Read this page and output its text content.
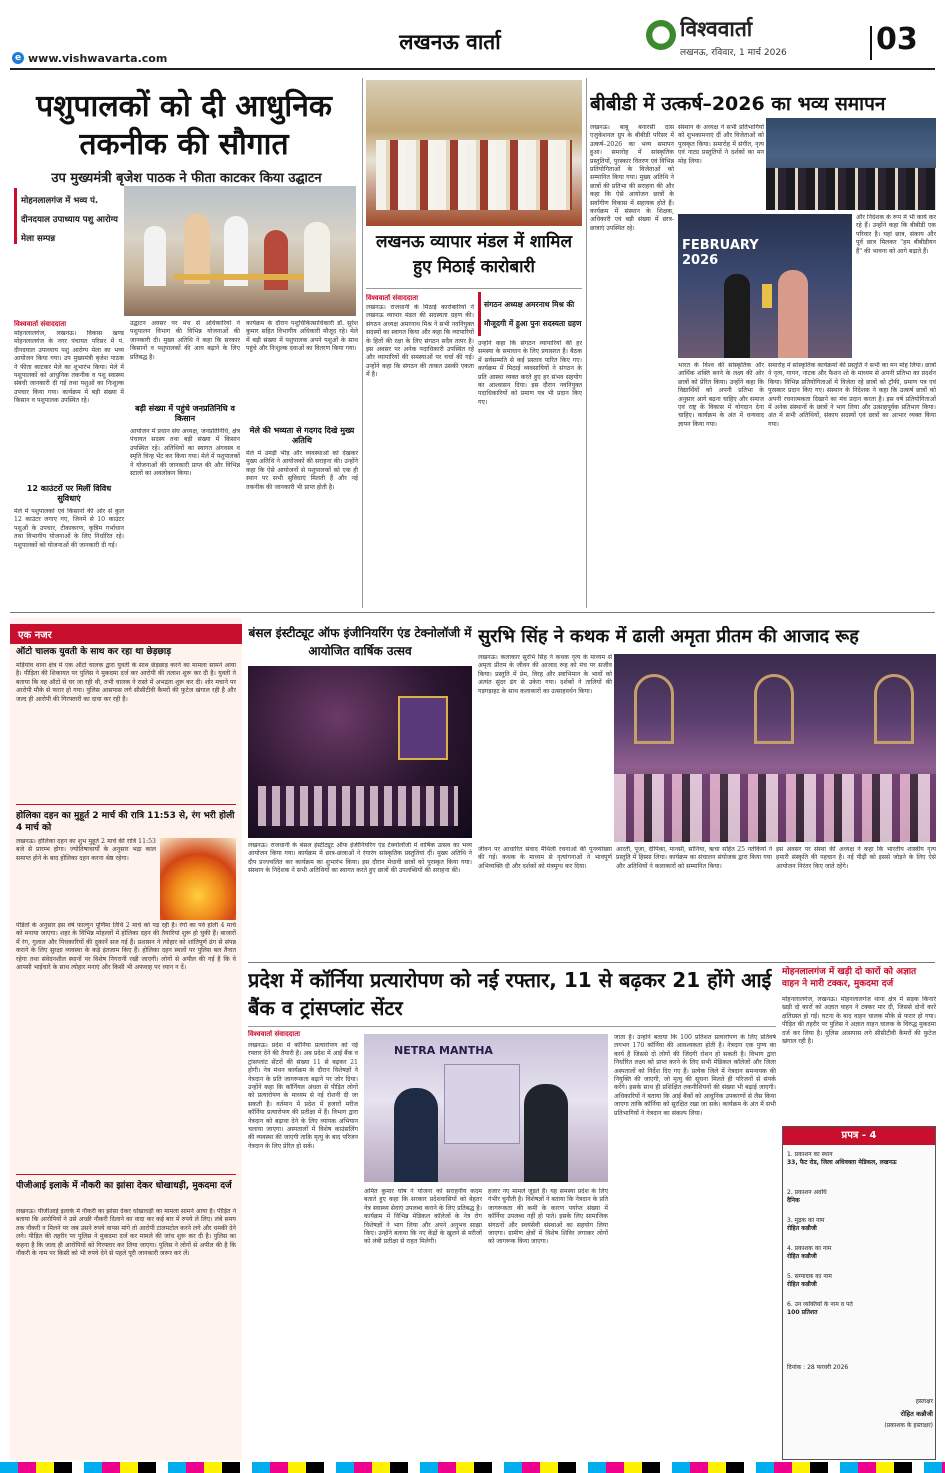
e www.vishwavarta.com
लखनऊ वार्ता
विश्ववार्ता
लखनऊ, रविवार, 1 मार्च 2026	03
पशुपालकों को दी आधुनिक तकनीक की सौगात
उप मुख्यमंत्री बृजेश पाठक ने फीता काटकर किया उद्घाटन
मोहनलालगंज में भव्य पं. दीनदयाल उपाध्याय पशु आरोग्य मेला सम्पन्न
विश्ववार्ता संवाददाता
मोहनलालगंज, लखनऊ। विकास खण्ड मोहनलालगंज के नगर पंचायत परिसर में पं. दीनदयाल उपाध्याय पशु आरोग्य मेला का भव्य आयोजन किया गया। उप मुख्यमंत्री बृजेश पाठक ने फीता काटकर मेले का शुभारंभ किया। मेले में पशुपालकों को आधुनिक तकनीक व पशु स्वास्थ्य संबंधी जानकारी दी गई तथा पशुओं का निःशुल्क उपचार किया गया। कार्यक्रम में बड़ी संख्या में किसान व पशुपालक उपस्थित रहे।
12 काउंटरों पर मिलीं विविध सुविधाएं
मेले में पशुपालकों एवं किसानों की ओर से कुल 12 काउंटर लगाए गए, जिनमें से 10 काउंटर पशुओं के उपचार, टीकाकरण, कृत्रिम गर्भाधान तथा विभागीय योजनाओं के लिए निर्धारित रहे। पशुपालकों को योजनाओं की जानकारी दी गई।
उद्घाटन अवसर पर मंच से अधिकारियों ने पशुपालन विभाग की विभिन्न योजनाओं की जानकारी दी। मुख्य अतिथि ने कहा कि सरकार किसानों व पशुपालकों की आय बढ़ाने के लिए प्रतिबद्ध है।
बड़ी संख्या में पहुंचे जनप्रतिनिधि व किसान
आयोजन में प्रधान संघ अध्यक्ष, जनप्रतिनिधि, क्षेत्र पंचायत सदस्य तथा बड़ी संख्या में किसान उपस्थित रहे। अतिथियों का स्वागत अंगवस्त्र व स्मृति चिन्ह भेंट कर किया गया। मेले में पशुपालकों ने योजनाओं की जानकारी प्राप्त की और विभिन्न स्टालों का अवलोकन किया।
कार्यक्रम के दौरान पशुचिकित्साधिकारी डॉ. सुरेश कुमार सहित विभागीय अधिकारी मौजूद रहे। मेले में बड़ी संख्या में पशुपालक अपने पशुओं के साथ पहुंचे और निःशुल्क दवाओं का वितरण किया गया।
मेले की भव्यता से गदगद दिखे मुख्य अतिथि
मेले में उमड़ी भीड़ और व्यवस्थाओं को देखकर मुख्य अतिथि ने आयोजकों की सराहना की। उन्होंने कहा कि ऐसे आयोजनों से पशुपालकों को एक ही स्थान पर सभी सुविधाएं मिलती हैं और नई तकनीक की जानकारी भी प्राप्त होती है।
लखनऊ व्यापार मंडल में शामिल हुए मिठाई कारोबारी
विश्ववार्ता संवाददाता
संगठन अध्यक्ष अमरनाथ मिश्र की मौजूदगी में हुआ पुनः सदस्यता ग्रहण
लखनऊ। राजधानी के मिठाई कारोबारियों ने लखनऊ व्यापार मंडल की सदस्यता ग्रहण की। संगठन अध्यक्ष अमरनाथ मिश्र ने सभी नवनियुक्त सदस्यों का स्वागत किया और कहा कि व्यापारियों के हितों की रक्षा के लिए संगठन सदैव तत्पर है। इस अवसर पर अनेक पदाधिकारी उपस्थित रहे और व्यापारियों की समस्याओं पर चर्चा की गई। उन्होंने कहा कि संगठन की ताकत उसकी एकता में है।
उन्होंने कहा कि संगठन व्यापारियों की हर समस्या के समाधान के लिए प्रयासरत है। बैठक में सर्वसम्मति से कई प्रस्ताव पारित किए गए। कार्यक्रम में मिठाई व्यवसायियों ने संगठन के प्रति आस्था व्यक्त करते हुए हर संभव सहयोग का आश्वासन दिया। इस दौरान नवनियुक्त पदाधिकारियों को प्रमाण पत्र भी प्रदान किए गए।
बीबीडी में उत्कर्ष–2026 का भव्य समापन
लखनऊ। बाबू बनारसी दास एजुकेशनल ग्रुप के बीबीडी परिसर में उत्कर्ष–2026 का भव्य समापन हुआ। समारोह में सांस्कृतिक प्रस्तुतियों, पुरस्कार वितरण एवं विभिन्न प्रतियोगिताओं के विजेताओं को सम्मानित किया गया। मुख्य अतिथि ने छात्रों की प्रतिभा की सराहना की और कहा कि ऐसे आयोजन छात्रों के सर्वांगीण विकास में सहायक होते हैं। कार्यक्रम में संस्थान के शिक्षक, अधिकारी एवं बड़ी संख्या में छात्र-छात्राएं उपस्थित रहे।
संस्थान के अध्यक्ष ने सभी प्रतिभागियों को शुभकामनाएं दीं और विजेताओं को पुरस्कृत किया। समारोह में संगीत, नृत्य एवं नाट्य प्रस्तुतियों ने दर्शकों का मन मोह लिया।
FEBRUARY 2026
और निदेशक के रूप में भी कार्य कर रहे हैं। उन्होंने कहा कि बीबीडी एक परिवार है। यहां छात्र, संकाय और पूर्व छात्र मिलकर "हम बीबीडीयन हैं" की भावना को आगे बढ़ाते हैं।
भारत के विश्व की सांस्कृतिक और आर्थिक शक्ति बनने के लक्ष्य की ओर छात्रों को प्रेरित किया। उन्होंने कहा कि विद्यार्थियों को अपनी प्रतिभा के अनुसार आगे बढ़ना चाहिए और समाज एवं राष्ट्र के विकास में योगदान देना चाहिए। कार्यक्रम के अंत में धन्यवाद ज्ञापन किया गया।
समारोह में सांस्कृतिक कार्यक्रमों की प्रस्तुति ने सभी का मन मोह लिया। छात्रों ने नृत्य, गायन, नाटक और फैशन शो के माध्यम से अपनी प्रतिभा का प्रदर्शन किया। विभिन्न प्रतियोगिताओं में विजेता रहे छात्रों को ट्रॉफी, प्रमाण पत्र एवं पुरस्कार प्रदान किए गए। संस्थान के निदेशक ने कहा कि उत्कर्ष छात्रों को अपनी रचनात्मकता दिखाने का मंच प्रदान करता है। इस वर्ष प्रतियोगिताओं में अनेक संस्थानों के छात्रों ने भाग लिया और उत्साहपूर्वक प्रतिभाग किया। अंत में सभी अतिथियों, संकाय सदस्यों एवं छात्रों का आभार व्यक्त किया गया।
एक नजर
ऑटो चालक युवती के साथ कर रहा था छेड़छाड़
मड़ियांव थाना क्षेत्र में एक ऑटो चालक द्वारा युवती के साथ छेड़छाड़ करने का मामला सामने आया है। पीड़िता की शिकायत पर पुलिस ने मुकदमा दर्ज कर आरोपी की तलाश शुरू कर दी है। युवती ने बताया कि वह ऑटो से घर जा रही थी, तभी चालक ने रास्ते में अभद्रता शुरू कर दी। शोर मचाने पर आरोपी मौके से फरार हो गया। पुलिस आसपास लगे सीसीटीवी कैमरों की फुटेज खंगाल रही है और जल्द ही आरोपी की गिरफ्तारी का दावा कर रही है।
होलिका दहन का मुहूर्त 2 मार्च की रात्रि 11:53 से, रंग भरी होली 4 मार्च को
लखनऊ। होलिका दहन का शुभ मुहूर्त 2 मार्च की रात्रि 11:53 बजे से प्रारम्भ होगा। ज्योतिषाचार्यों के अनुसार भद्रा काल समाप्त होने के बाद होलिका दहन करना श्रेष्ठ रहेगा।
पंडितों के अनुसार इस वर्ष फाल्गुन पूर्णिमा तिथि 2 मार्च को पड़ रही है। रंगों का पर्व होली 4 मार्च को मनाया जाएगा। शहर के विभिन्न मोहल्लों में होलिका दहन की तैयारियां शुरू हो चुकी हैं। बाजारों में रंग, गुलाल और पिचकारियों की दुकानें सज गई हैं। प्रशासन ने त्योहार को शांतिपूर्ण ढंग से संपन्न कराने के लिए सुरक्षा व्यवस्था के कड़े इंतजाम किए हैं। होलिका दहन स्थलों पर पुलिस बल तैनात रहेगा तथा संवेदनशील स्थानों पर विशेष निगरानी रखी जाएगी। लोगों से अपील की गई है कि वे आपसी भाईचारे के साथ त्योहार मनाएं और किसी भी अफवाह पर ध्यान न दें।
पीजीआई इलाके में नौकरी का झांसा देकर धोखाधड़ी, मुकदमा दर्ज
लखनऊ। पीजीआई इलाके में नौकरी का झांसा देकर धोखाधड़ी का मामला सामने आया है। पीड़ित ने बताया कि आरोपियों ने उसे अच्छी नौकरी दिलाने का वादा कर कई बार में रुपये ले लिए। लंबे समय तक नौकरी न मिलने पर जब उसने रुपये वापस मांगे तो आरोपी टालमटोल करने लगे और धमकी देने लगे। पीड़ित की तहरीर पर पुलिस ने मुकदमा दर्ज कर मामले की जांच शुरू कर दी है। पुलिस का कहना है कि जल्द ही आरोपियों को गिरफ्तार कर लिया जाएगा। पुलिस ने लोगों से अपील की है कि नौकरी के नाम पर किसी को भी रुपये देने से पहले पूरी जानकारी जरूर कर लें।
बंसल इंस्टीट्यूट ऑफ इंजीनियरिंग एंड टेक्नोलॉजी में आयोजित वार्षिक उत्सव
लखनऊ। राजधानी के बंसल इंस्टीट्यूट ऑफ इंजीनियरिंग एंड टेक्नोलॉजी में वार्षिक उत्सव का भव्य आयोजन किया गया। कार्यक्रम में छात्र-छात्राओं ने रंगारंग सांस्कृतिक प्रस्तुतियां दीं। मुख्य अतिथि ने दीप प्रज्ज्वलित कर कार्यक्रम का शुभारंभ किया। इस दौरान मेधावी छात्रों को पुरस्कृत किया गया। संस्थान के निदेशक ने सभी अतिथियों का स्वागत करते हुए छात्रों की उपलब्धियों की सराहना की।
सुरभि सिंह ने कथक में ढाली अमृता प्रीतम की आजाद रूह
लखनऊ। कलाकार सुरभि सिंह ने कथक नृत्य के माध्यम से अमृता प्रीतम के जीवन की आजाद रूह को मंच पर सजीव किया। प्रस्तुति में प्रेम, विरह और स्वाभिमान के भावों को अत्यंत सुंदर ढंग से उकेरा गया। दर्शकों ने तालियों की गड़गड़ाहट के साथ कलाकारों का उत्साहवर्धन किया।
जीवन पर आधारित संवाद मैथिली रचनाओं की पुनर्व्याख्या की गई। कथक के माध्यम से नृत्यांगनाओं ने भावपूर्ण अभिव्यक्ति दी और दर्शकों को मंत्रमुग्ध कर दिया।
आरती, पूजा, दीपिका, मानसी, सोनिया, ऋचा सहित 25 नर्तकियों ने प्रस्तुति में हिस्सा लिया। कार्यक्रम का संचालन संयोजक द्वारा किया गया और अतिथियों ने कलाकारों को सम्मानित किया।
इस अवसर पर संस्था की अध्यक्ष ने कहा कि भारतीय शास्त्रीय नृत्य हमारी संस्कृति की पहचान है। नई पीढ़ी को इससे जोड़ने के लिए ऐसे आयोजन निरंतर किए जाते रहेंगे।
प्रदेश में कॉर्निया प्रत्यारोपण को नई रफ्तार, 11 से बढ़कर 21 होंगे आई बैंक व ट्रांसप्लांट सेंटर
विश्ववार्ता संवाददाता
लखनऊ। प्रदेश में कॉर्निया प्रत्यारोपण को नई रफ्तार देने की तैयारी है। अब प्रदेश में आई बैंक व ट्रांसप्लांट सेंटरों की संख्या 11 से बढ़कर 21 होगी। नेत्र मंथन कार्यक्रम के दौरान विशेषज्ञों ने नेत्रदान के प्रति जागरूकता बढ़ाने पर जोर दिया। उन्होंने कहा कि कॉर्नियल अंधता से पीड़ित लोगों को प्रत्यारोपण के माध्यम से नई रोशनी दी जा सकती है। वर्तमान में प्रदेश में हजारों मरीज कॉर्निया प्रत्यारोपण की प्रतीक्षा में हैं। विभाग द्वारा नेत्रदान को बढ़ावा देने के लिए व्यापक अभियान चलाया जाएगा। अस्पतालों में विशेष काउंसलिंग की व्यवस्था की जाएगी ताकि मृत्यु के बाद परिजन नेत्रदान के लिए प्रेरित हो सकें।
NETRA MANTHA
अमित कुमार घोष ने योजना को सराहनीय कदम बताते हुए कहा कि सरकार प्रदेशवासियों को बेहतर नेत्र स्वास्थ्य सेवाएं उपलब्ध कराने के लिए प्रतिबद्ध है। कार्यक्रम में विभिन्न मेडिकल कॉलेजों के नेत्र रोग विशेषज्ञों ने भाग लिया और अपने अनुभव साझा किए। उन्होंने बताया कि नए केंद्रों के खुलने से मरीजों को लंबी प्रतीक्षा से राहत मिलेगी।
हजार नए मामले जुड़ते हैं। यह समस्या प्रदेश के लिए गंभीर चुनौती है। विशेषज्ञों ने बताया कि नेत्रदान के प्रति जागरूकता की कमी के कारण पर्याप्त संख्या में कॉर्निया उपलब्ध नहीं हो पाते। इसके लिए सामाजिक संगठनों और स्वयंसेवी संस्थाओं का सहयोग लिया जाएगा। ग्रामीण क्षेत्रों में विशेष शिविर लगाकर लोगों को जागरूक किया जाएगा।
जाता है। उन्होंने बताया कि 100 प्रतिशत प्रत्यारोपण के लिए प्रतिवर्ष लगभग 170 कॉर्निया की आवश्यकता होती है। नेत्रदान एक पुण्य का कार्य है जिससे दो लोगों की जिंदगी रोशन हो सकती है। विभाग द्वारा निर्धारित लक्ष्य को प्राप्त करने के लिए सभी मेडिकल कॉलेजों और जिला अस्पतालों को निर्देश दिए गए हैं। प्रत्येक जिले में नेत्रदान समन्वयक की नियुक्ति की जाएगी, जो मृत्यु की सूचना मिलते ही परिजनों से संपर्क करेंगे। इसके साथ ही प्रशिक्षित तकनीशियनों की संख्या भी बढ़ाई जाएगी। अधिकारियों ने बताया कि आई बैंकों को आधुनिक उपकरणों से लैस किया जाएगा ताकि कॉर्निया को सुरक्षित रखा जा सके। कार्यक्रम के अंत में सभी प्रतिभागियों ने नेत्रदान का संकल्प लिया।
मोहनलालगंज में खड़ी दो कारों को अज्ञात वाहन ने मारी टक्कर, मुकदमा दर्ज
मोहनलालगंज, लखनऊ। मोहनलालगंज थाना क्षेत्र में सड़क किनारे खड़ी दो कारों को अज्ञात वाहन ने टक्कर मार दी, जिससे दोनों कारें क्षतिग्रस्त हो गईं। घटना के बाद वाहन चालक मौके से फरार हो गया। पीड़ित की तहरीर पर पुलिस ने अज्ञात वाहन चालक के विरुद्ध मुकदमा दर्ज कर लिया है। पुलिस आसपास लगे सीसीटीवी कैमरों की फुटेज खंगाल रही है।
प्रपत्र - 4
1. प्रकाशन का स्थान
33, फैट रोड, जिला अधिवक्ता मेडिकल, लखनऊ
2. प्रकाशन अवधि
दैनिक
3. मुद्रक का नाम
रोहित कन्नौजी
4. प्रकाशक का नाम
रोहित कन्नौजी
5. सम्पादक का नाम
रोहित कन्नौजी
6. उन व्यक्तियों के नाम व पते
100 प्रतिशत
दिनांक : 28 फरवरी 2026
हस्ताक्षर
रोहित कन्नौजी
(प्रकाशक के हस्ताक्षर)
